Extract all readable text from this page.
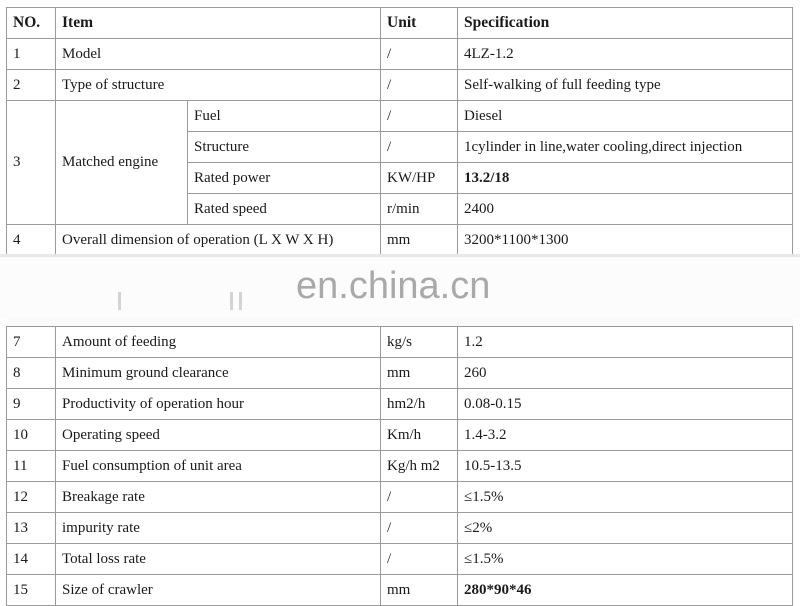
NO.	Item		Unit	Specification
1	Model		/	4LZ-1.2
2	Type of structure		/	Self-walking of full feeding type
3	Matched engine	Fuel	/	Diesel
		Structure	/	1cylinder in line,water cooling,direct injection
		Rated power	KW/HP	13.2/18
		Rated speed	r/min	2400
4	Overall dimension of operation (L X W X H)		mm	3200*1100*1300

7	Amount of feeding		kg/s	1.2
8	Minimum ground clearance		mm	260
9	Productivity of operation hour		hm2/h	0.08-0.15
10	Operating speed		Km/h	1.4-3.2
11	Fuel consumption of unit area		Kg/h m2	10.5-13.5
12	Breakage rate		/	≤1.5%
13	impurity rate		/	≤2%
14	Total loss rate		/	≤1.5%
15	Size of crawler		mm	280*90*46
en.china.cn
